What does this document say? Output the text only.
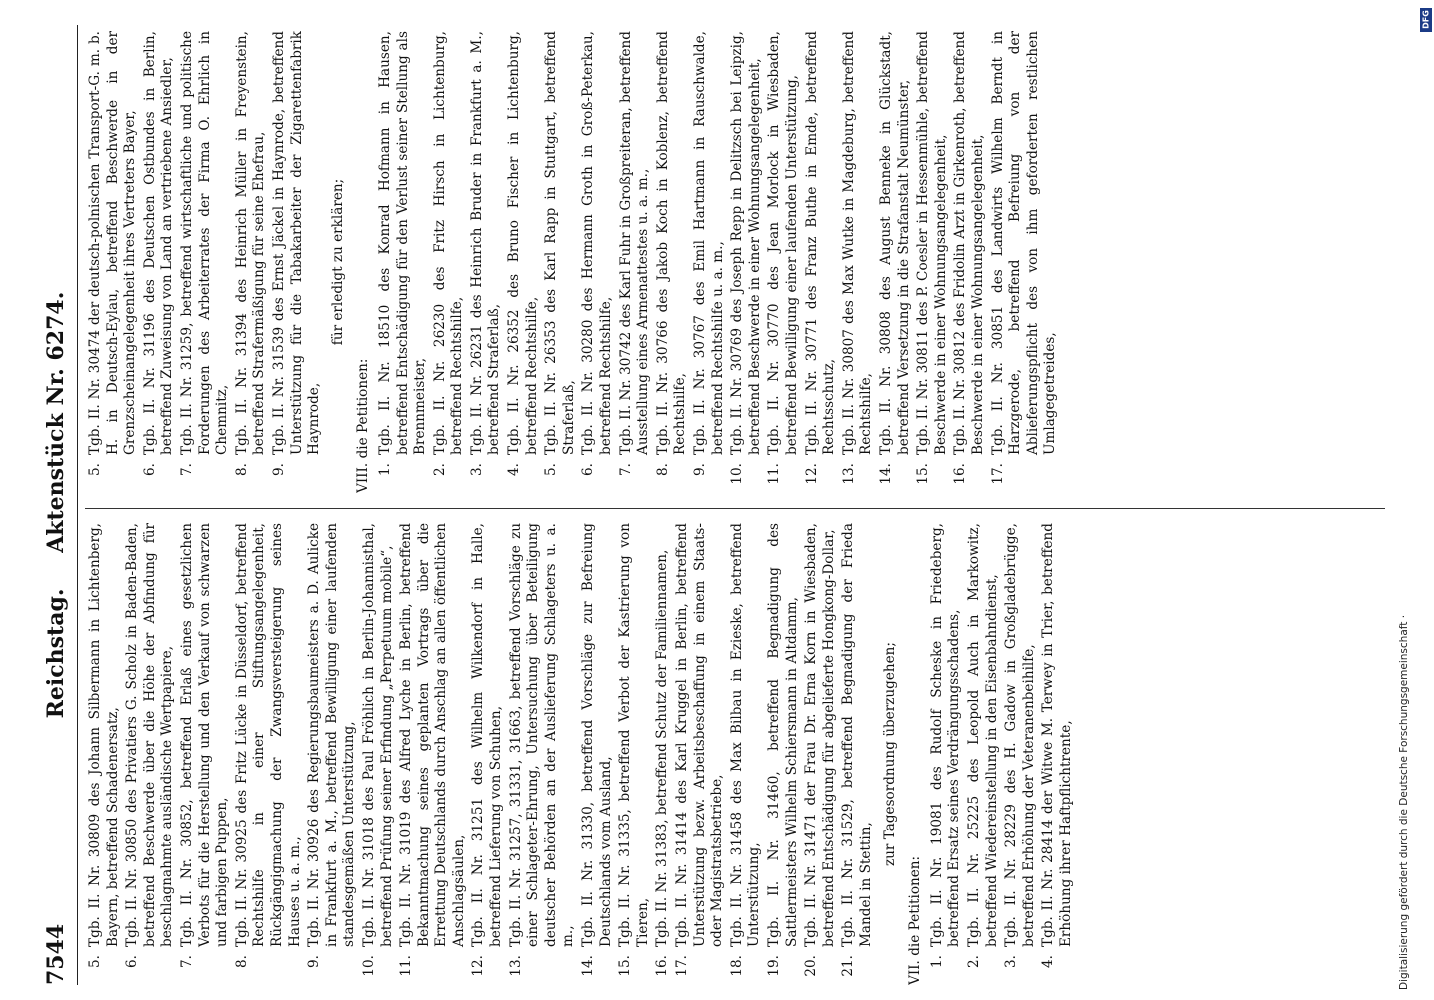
7544
Reichstag. Aktenstück Nr. 6274.
5.
Tgb. II. Nr. 30809 des Johann Silbermann in Lichtenberg, Bayern, betreffend Schadenersatz,
6.
Tgb. II. Nr. 30850 des Privatiers G. Scholz in Baden-Baden, betreffend Beschwerde über die Höhe der Abfindung für beschlagnahmte ausländische Wertpapiere,
7.
Tgb. II. Nr. 30852, betreffend Erlaß eines gesetzlichen Verbots für die Herstellung und den Verkauf von schwarzen und farbigen Puppen,
8.
Tgb. II. Nr. 30925 des Fritz Lücke in Düsseldorf, betreffend Rechtshilfe in einer Stiftungsangelegenheit, Rückgängigmachung der Zwangsversteigerung seines Hauses u. a. m.,
9.
Tgb. II. Nr. 30926 des Regierungsbaumeisters a. D. Aulicke in Frankfurt a. M., betreffend Bewilligung einer laufenden standesgemäßen Unterstützung,
10.
Tgb. II. Nr. 31018 des Paul Fröhlich in Berlin-Johannisthal, betreffend Prüfung seiner Erfindung „Perpetuum mobile“,
11.
Tgb. II. Nr. 31019 des Alfred Lyche in Berlin, betreffend Bekanntmachung seines geplanten Vortrags über die Errettung Deutschlands durch Anschlag an allen öffentlichen Anschlagsäulen,
12.
Tgb. II. Nr. 31251 des Wilhelm Wilkendorf in Halle, betreffend Lieferung von Schuhen,
13.
Tgb. II. Nr. 31257, 31331, 31663, betreffend Vorschläge zu einer Schlageter-Ehrung, Untersuchung über Beteiligung deutscher Behörden an der Auslieferung Schlageters u. a. m.,
14.
Tgb. II. Nr. 31330, betreffend Vorschläge zur Befreiung Deutschlands vom Ausland,
15.
Tgb. II. Nr. 31335, betreffend Verbot der Kastrierung von Tieren,
16.
Tgb. II. Nr. 31383, betreffend Schutz der Familiennamen,
17.
Tgb. II. Nr. 31414 des Karl Kruggel in Berlin, betreffend Unterstützung bezw. Arbeitsbeschaffung in einem Staats- oder Magistratsbetriebe,
18.
Tgb. II. Nr. 31458 des Max Bilbau in Ezieske, betreffend Unterstützung,
19.
Tgb. II. Nr. 31460, betreffend Begnadigung des Sattlermeisters Wilhelm Schiersmann in Altdamm,
20.
Tgb. II. Nr. 31471 der Frau Dr. Erna Korn in Wiesbaden, betreffend Entschädigung für abgelieferte Hongkong-Dollar,
21.
Tgb. II. Nr. 31529, betreffend Begnadigung der Frieda Mandel in Stettin,
zur Tagesordnung überzugehen;
VII. die Petitionen: 1.
Tgb. II. Nr. 19081 des Rudolf Scheske in Friedeberg, betreffend Ersatz seines Verdrängungsschadens,
2.
Tgb. II. Nr. 25225 des Leopold Auch in Markowitz, betreffend Wiedereinstellung in den Eisenbahndienst,
3.
Tgb. II. Nr. 28229 des H. Gadow in Großgladebrügge, betreffend Erhöhung der Veteranenbeihilfe,
4.
Tgb. II. Nr. 28414 der Witwe M. Terwey in Trier, betreffend Erhöhung ihrer Haftpflichtrente,
5.
Tgb. II. Nr. 30474 der deutsch-polnischen Transport-G. m. b. H. in Deutsch-Eylau, betreffend Beschwerde in der Grenzscheinangelegenheit ihres Vertreters Bayer,
6.
Tgb. II. Nr. 31196 des Deutschen Ostbundes in Berlin, betreffend Zuweisung von Land an vertriebene Ansiedler,
7.
Tgb. II. Nr. 31259, betreffend wirtschaftliche und politische Forderungen des Arbeiterrates der Firma O. Ehrlich in Chemnitz,
8.
Tgb. II. Nr. 31394 des Heinrich Müller in Freyenstein, betreffend Strafermäßigung für seine Ehefrau,
9.
Tgb. II. Nr. 31539 des Ernst Jäckel in Haynrode, betreffend Unterstützung für die Tabakarbeiter der Zigarettenfabrik Haynrode,
für erledigt zu erklären;
VIII. die Petitionen: 1.
Tgb. II. Nr. 18510 des Konrad Hofmann in Hausen, betreffend Entschädigung für den Verlust seiner Stellung als Brennmeister,
2.
Tgb. II. Nr. 26230 des Fritz Hirsch in Lichtenburg, betreffend Rechtshilfe,
3.
Tgb. II. Nr. 26231 des Heinrich Bruder in Frankfurt a. M., betreffend Straferlaß,
4.
Tgb. II. Nr. 26352 des Bruno Fischer in Lichtenburg, betreffend Rechtshilfe,
5.
Tgb. II. Nr. 26353 des Karl Rapp in Stuttgart, betreffend Straferlaß,
6.
Tgb. II. Nr. 30280 des Hermann Groth in Groß-Peterkau, betreffend Rechtshilfe,
7.
Tgb. II. Nr. 30742 des Karl Fuhr in Großpreiteran, betreffend Ausstellung eines Armenattestes u. a. m.,
8.
Tgb. II. Nr. 30766 des Jakob Koch in Koblenz, betreffend Rechtshilfe,
9.
Tgb. II. Nr. 30767 des Emil Hartmann in Rauschwalde, betreffend Rechtshilfe u. a. m.,
10.
Tgb. II. Nr. 30769 des Joseph Repp in Delitzsch bei Leipzig, betreffend Beschwerde in einer Wohnungsangelegenheit,
11.
Tgb. II. Nr. 30770 des Jean Morlock in Wiesbaden, betreffend Bewilligung einer laufenden Unterstützung,
12.
Tgb. II. Nr. 30771 des Franz Buthe in Emde, betreffend Rechtsschutz,
13.
Tgb. II. Nr. 30807 des Max Wutke in Magdeburg, betreffend Rechtshilfe,
14.
Tgb. II. Nr. 30808 des August Benneke in Glückstadt, betreffend Versetzung in die Strafanstalt Neumünster,
15.
Tgb. II. Nr. 30811 des P. Coesler in Hessenmühle, betreffend Beschwerde in einer Wohnungsangelegenheit,
16.
Tgb. II. Nr. 30812 des Fridolin Arzt in Girkenroth, betreffend Beschwerde in einer Wohnungsangelegenheit,
17.
Tgb. II. Nr. 30851 des Landwirts Wilhelm Berndt in Harzgerode, betreffend Befreiung von der Ablieferungspflicht des von ihm geforderten restlichen Umlagegetreides,
Digitalisierung gefördert durch die Deutsche Forschungsgemeinschaft ·
DFG
